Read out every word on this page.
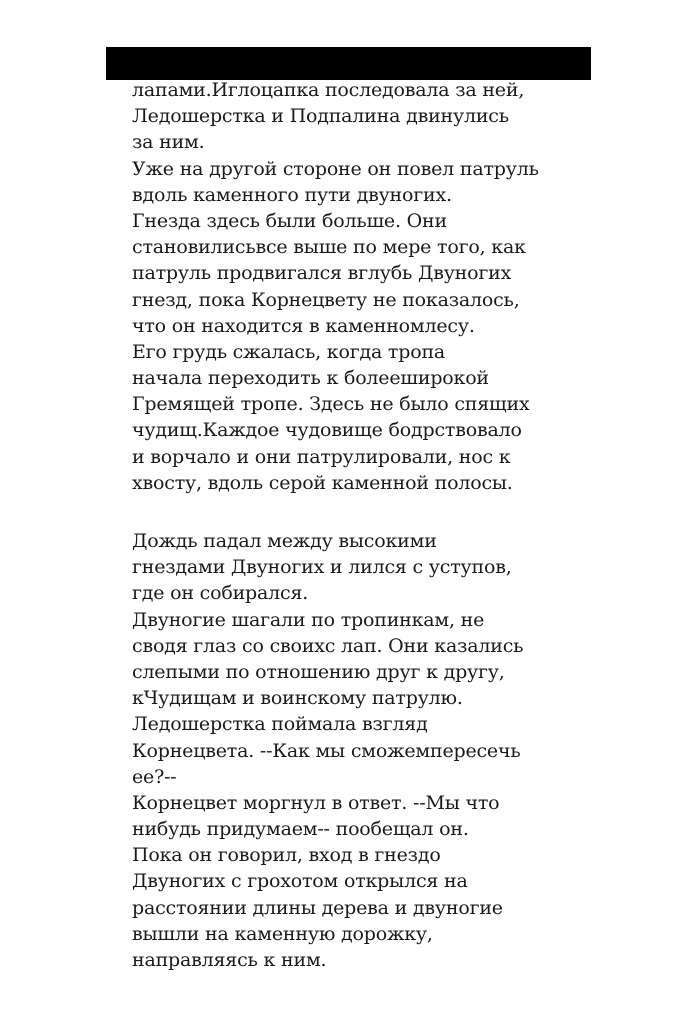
лапами.Иглоцапка последовала за ней,
Ледошерстка и Подпалина двинулись
за ним.
Уже на другой стороне он повел патруль
вдоль каменного пути двуногих.
Гнезда здесь были больше. Они
становилисьвсе выше по мере того, как
патруль продвигался вглубь Двуногих
гнезд, пока Корнецвету не показалось,
что он находится в каменномлесу.
Его грудь сжалась, когда тропа
начала переходить к болееширокой
Гремящей тропе. Здесь не было спящих
чудищ.Каждое чудовище бодрствовало
и ворчало и они патрулировали, нос к
хвосту, вдоль серой каменной полосы.
Дождь падал между высокими
гнездами Двуногих и лился с уступов,
где он собирался.
Двуногие шагали по тропинкам, не
сводя глаз со своихс лап. Они казались
слепыми по отношению друг к другу,
кЧудищам и воинскому патрулю.
Ледошерстка поймала взгляд
Корнецвета. --Как мы сможемпересечь
ее?--
Корнецвет моргнул в ответ. --Мы что
нибудь придумаем-- пообещал он.
Пока он говорил, вход в гнездо
Двуногих с грохотом открылся на
расстоянии длины дерева и двуногие
вышли на каменную дорожку,
направляясь к ним.
